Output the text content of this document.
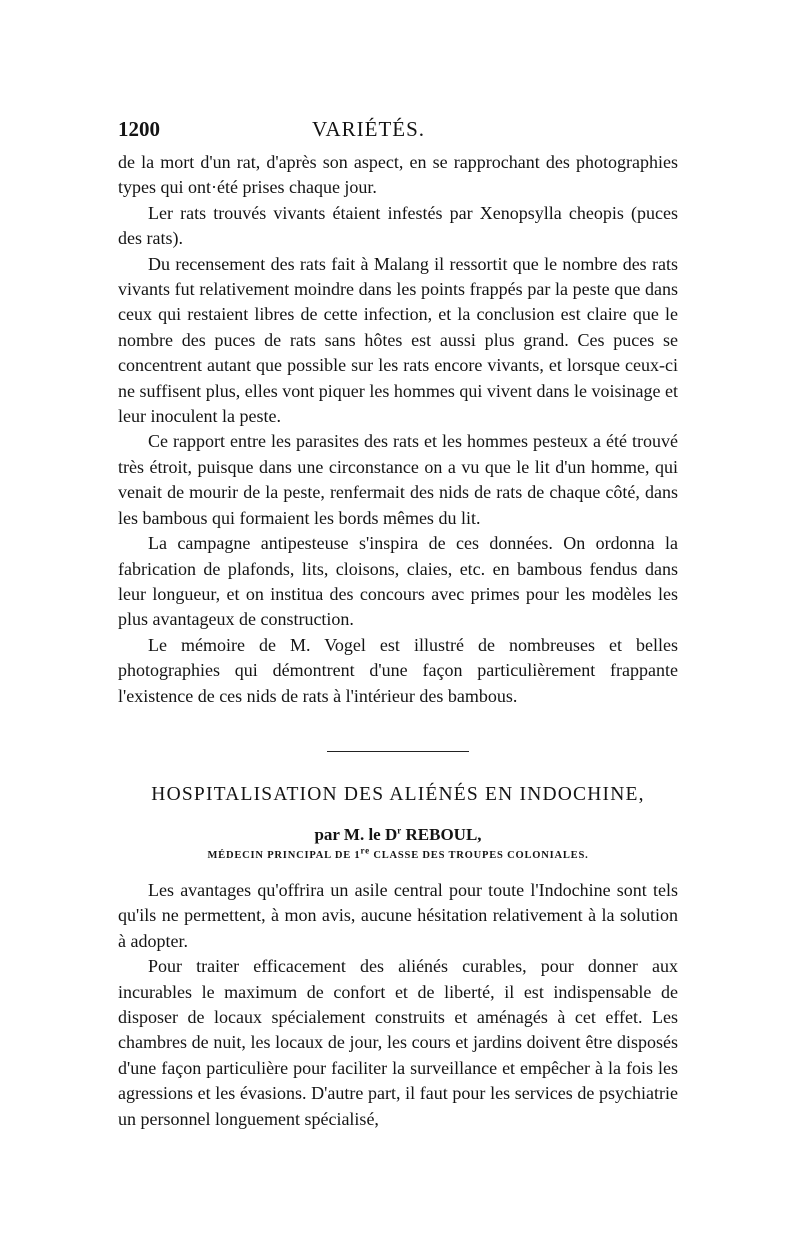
1200	VARIÉTÉS.

de la mort d'un rat, d'après son aspect, en se rapprochant des photographies types qui ont·été prises chaque jour.

Ler rats trouvés vivants étaient infestés par Xenopsylla cheopis (puces des rats).

Du recensement des rats fait à Malang il ressortit que le nombre des rats vivants fut relativement moindre dans les points frappés par la peste que dans ceux qui restaient libres de cette infection, et la conclusion est claire que le nombre des puces de rats sans hôtes est aussi plus grand. Ces puces se concentrent autant que possible sur les rats encore vivants, et lorsque ceux-ci ne suffisent plus, elles vont piquer les hommes qui vivent dans le voisinage et leur inoculent la peste.

Ce rapport entre les parasites des rats et les hommes pesteux a été trouvé très étroit, puisque dans une circonstance on a vu que le lit d'un homme, qui venait de mourir de la peste, renfermait des nids de rats de chaque côté, dans les bambous qui formaient les bords mêmes du lit.

La campagne antipesteuse s'inspira de ces données. On ordonna la fabrication de plafonds, lits, cloisons, claies, etc. en bambous fendus dans leur longueur, et on institua des concours avec primes pour les modèles les plus avantageux de construction.

Le mémoire de M. Vogel est illustré de nombreuses et belles photographies qui démontrent d'une façon particulièrement frappante l'existence de ces nids de rats à l'intérieur des bambous.

HOSPITALISATION DES ALIÉNÉS EN INDOCHINE,
par M. le $D^r$ REBOUL,
MÉDECIN PRINCIPAL DE 1re CLASSE DES TROUPES COLONIALES.

Les avantages qu'offrira un asile central pour toute l'Indochine sont tels qu'ils ne permettent, à mon avis, aucune hésitation relativement à la solution à adopter.

Pour traiter efficacement des aliénés curables, pour donner aux incurables le maximum de confort et de liberté, il est indispensable de disposer de locaux spécialement construits et aménagés à cet effet. Les chambres de nuit, les locaux de jour, les cours et jardins doivent être disposés d'une façon particulière pour faciliter la surveillance et empêcher à la fois les agressions et les évasions. D'autre part, il faut pour les services de psychiatrie un personnel longuement spécialisé,
